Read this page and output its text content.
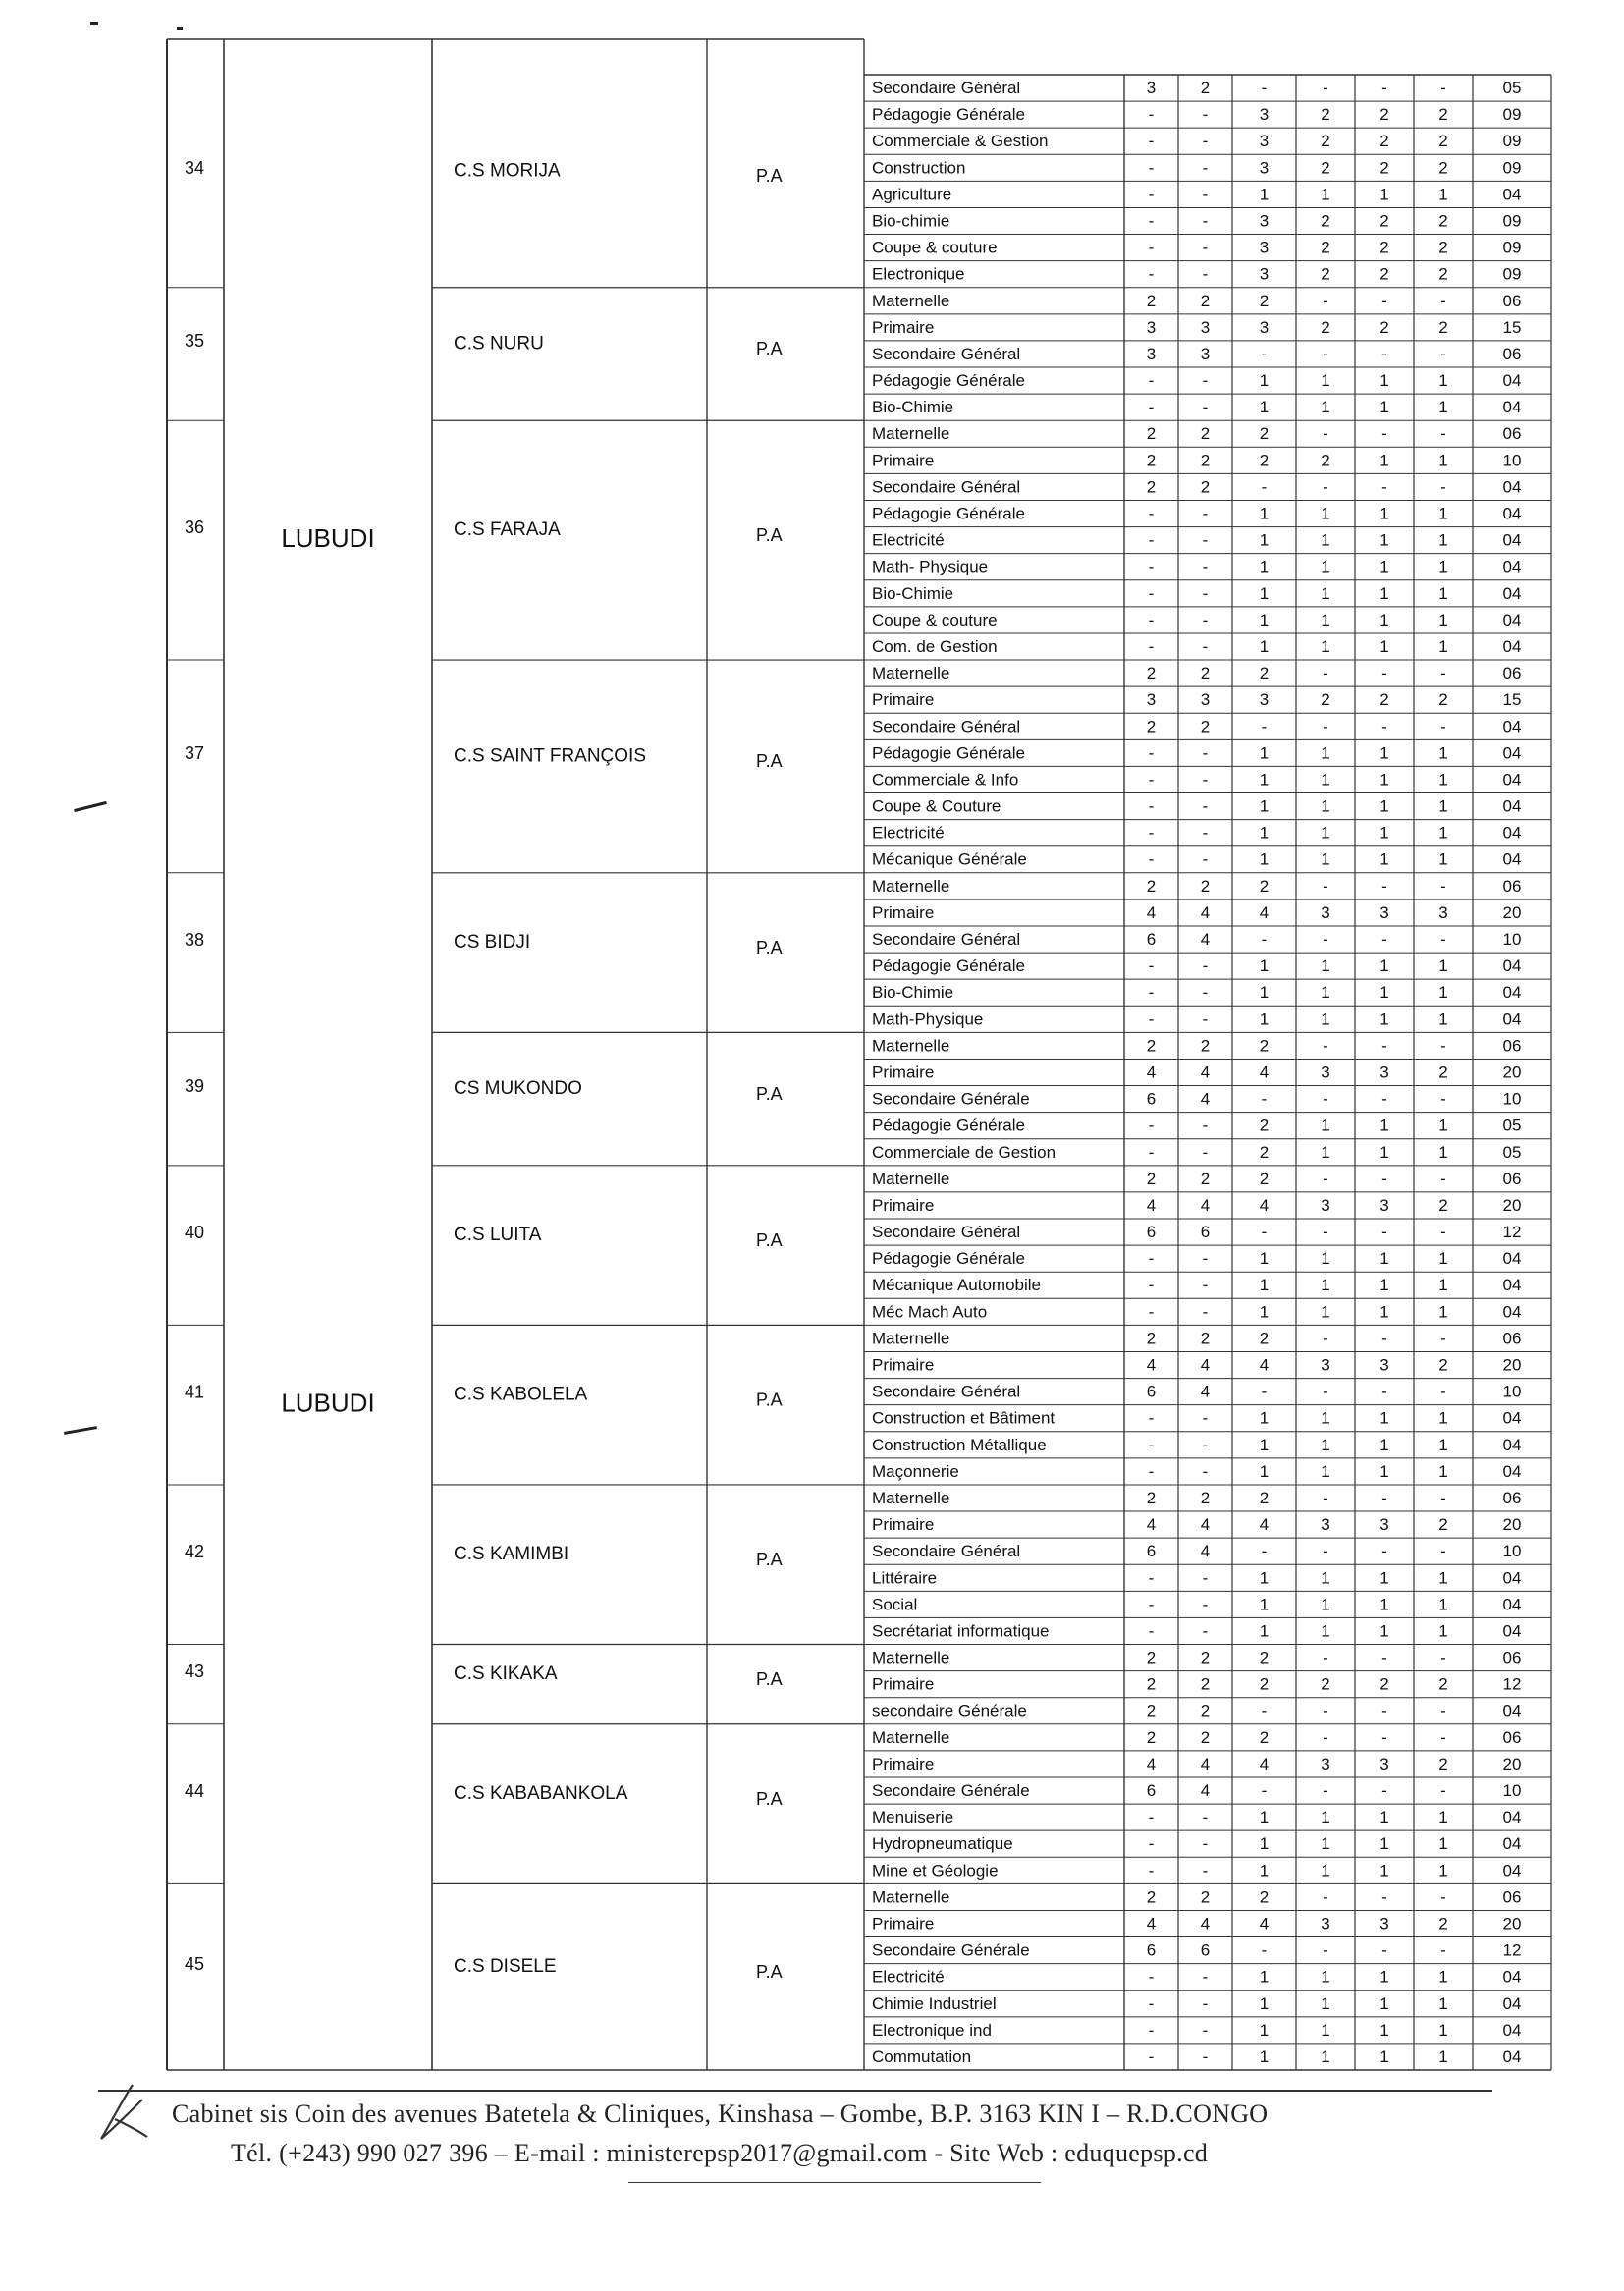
34	C.S MORIJA	P.A
Secondaire Général	3	2	-	-	-	-	05
Pédagogie Générale	-	-	3	2	2	2	09
Commerciale & Gestion	-	-	3	2	2	2	09
Construction	-	-	3	2	2	2	09
Agriculture	-	-	1	1	1	1	04
Bio-chimie	-	-	3	2	2	2	09
Coupe & couture	-	-	3	2	2	2	09
Electronique	-	-	3	2	2	2	09
35	C.S NURU	P.A
Maternelle	2	2	2	-	-	-	06
Primaire	3	3	3	2	2	2	15
Secondaire Général	3	3	-	-	-	-	06
Pédagogie Générale	-	-	1	1	1	1	04
Bio-Chimie	-	-	1	1	1	1	04
36	LUBUDI	C.S FARAJA	P.A
Maternelle	2	2	2	-	-	-	06
Primaire	2	2	2	2	1	1	10
Secondaire Général	2	2	-	-	-	-	04
Pédagogie Générale	-	-	1	1	1	1	04
Electricité	-	-	1	1	1	1	04
Math- Physique	-	-	1	1	1	1	04
Bio-Chimie	-	-	1	1	1	1	04
Coupe & couture	-	-	1	1	1	1	04
Com. de Gestion	-	-	1	1	1	1	04
37	C.S SAINT FRANÇOIS	P.A
Maternelle	2	2	2	-	-	-	06
Primaire	3	3	3	2	2	2	15
Secondaire Général	2	2	-	-	-	-	04
Pédagogie Générale	-	-	1	1	1	1	04
Commerciale & Info	-	-	1	1	1	1	04
Coupe & Couture	-	-	1	1	1	1	04
Electricité	-	-	1	1	1	1	04
Mécanique Générale	-	-	1	1	1	1	04
38	CS BIDJI	P.A
Maternelle	2	2	2	-	-	-	06
Primaire	4	4	4	3	3	3	20
Secondaire Général	6	4	-	-	-	-	10
Pédagogie Générale	-	-	1	1	1	1	04
Bio-Chimie	-	-	1	1	1	1	04
Math-Physique	-	-	1	1	1	1	04
39	CS MUKONDO	P.A
Maternelle	2	2	2	-	-	-	06
Primaire	4	4	4	3	3	2	20
Secondaire Générale	6	4	-	-	-	-	10
Pédagogie Générale	-	-	2	1	1	1	05
Commerciale de Gestion	-	-	2	1	1	1	05
40	C.S LUITA	P.A
Maternelle	2	2	2	-	-	-	06
Primaire	4	4	4	3	3	2	20
Secondaire Général	6	6	-	-	-	-	12
Pédagogie Générale	-	-	1	1	1	1	04
Mécanique Automobile	-	-	1	1	1	1	04
Méc Mach Auto	-	-	1	1	1	1	04
41	LUBUDI	C.S KABOLELA	P.A
Maternelle	2	2	2	-	-	-	06
Primaire	4	4	4	3	3	2	20
Secondaire Général	6	4	-	-	-	-	10
Construction et Bâtiment	-	-	1	1	1	1	04
Construction Métallique	-	-	1	1	1	1	04
Maçonnerie	-	-	1	1	1	1	04
42	C.S KAMIMBI	P.A
Maternelle	2	2	2	-	-	-	06
Primaire	4	4	4	3	3	2	20
Secondaire Général	6	4	-	-	-	-	10
Littéraire	-	-	1	1	1	1	04
Social	-	-	1	1	1	1	04
Secrétariat informatique	-	-	1	1	1	1	04
43	C.S KIKAKA	P.A
Maternelle	2	2	2	-	-	-	06
Primaire	2	2	2	2	2	2	12
secondaire Générale	2	2	-	-	-	-	04
44	C.S KABABANKOLA	P.A
Maternelle	2	2	2	-	-	-	06
Primaire	4	4	4	3	3	2	20
Secondaire Générale	6	4	-	-	-	-	10
Menuiserie	-	-	1	1	1	1	04
Hydropneumatique	-	-	1	1	1	1	04
Mine et Géologie	-	-	1	1	1	1	04
45	C.S DISELE	P.A
Maternelle	2	2	2	-	-	-	06
Primaire	4	4	4	3	3	2	20
Secondaire Générale	6	6	-	-	-	-	12
Electricité	-	-	1	1	1	1	04
Chimie Industriel	-	-	1	1	1	1	04
Electronique ind	-	-	1	1	1	1	04
Commutation	-	-	1	1	1	1	04
Cabinet sis Coin des avenues Batetela & Cliniques, Kinshasa – Gombe, B.P. 3163 KIN I – R.D.CONGO
Tél. (+243) 990 027 396 – E-mail : ministerepsp2017@gmail.com - Site Web : eduquepsp.cd
